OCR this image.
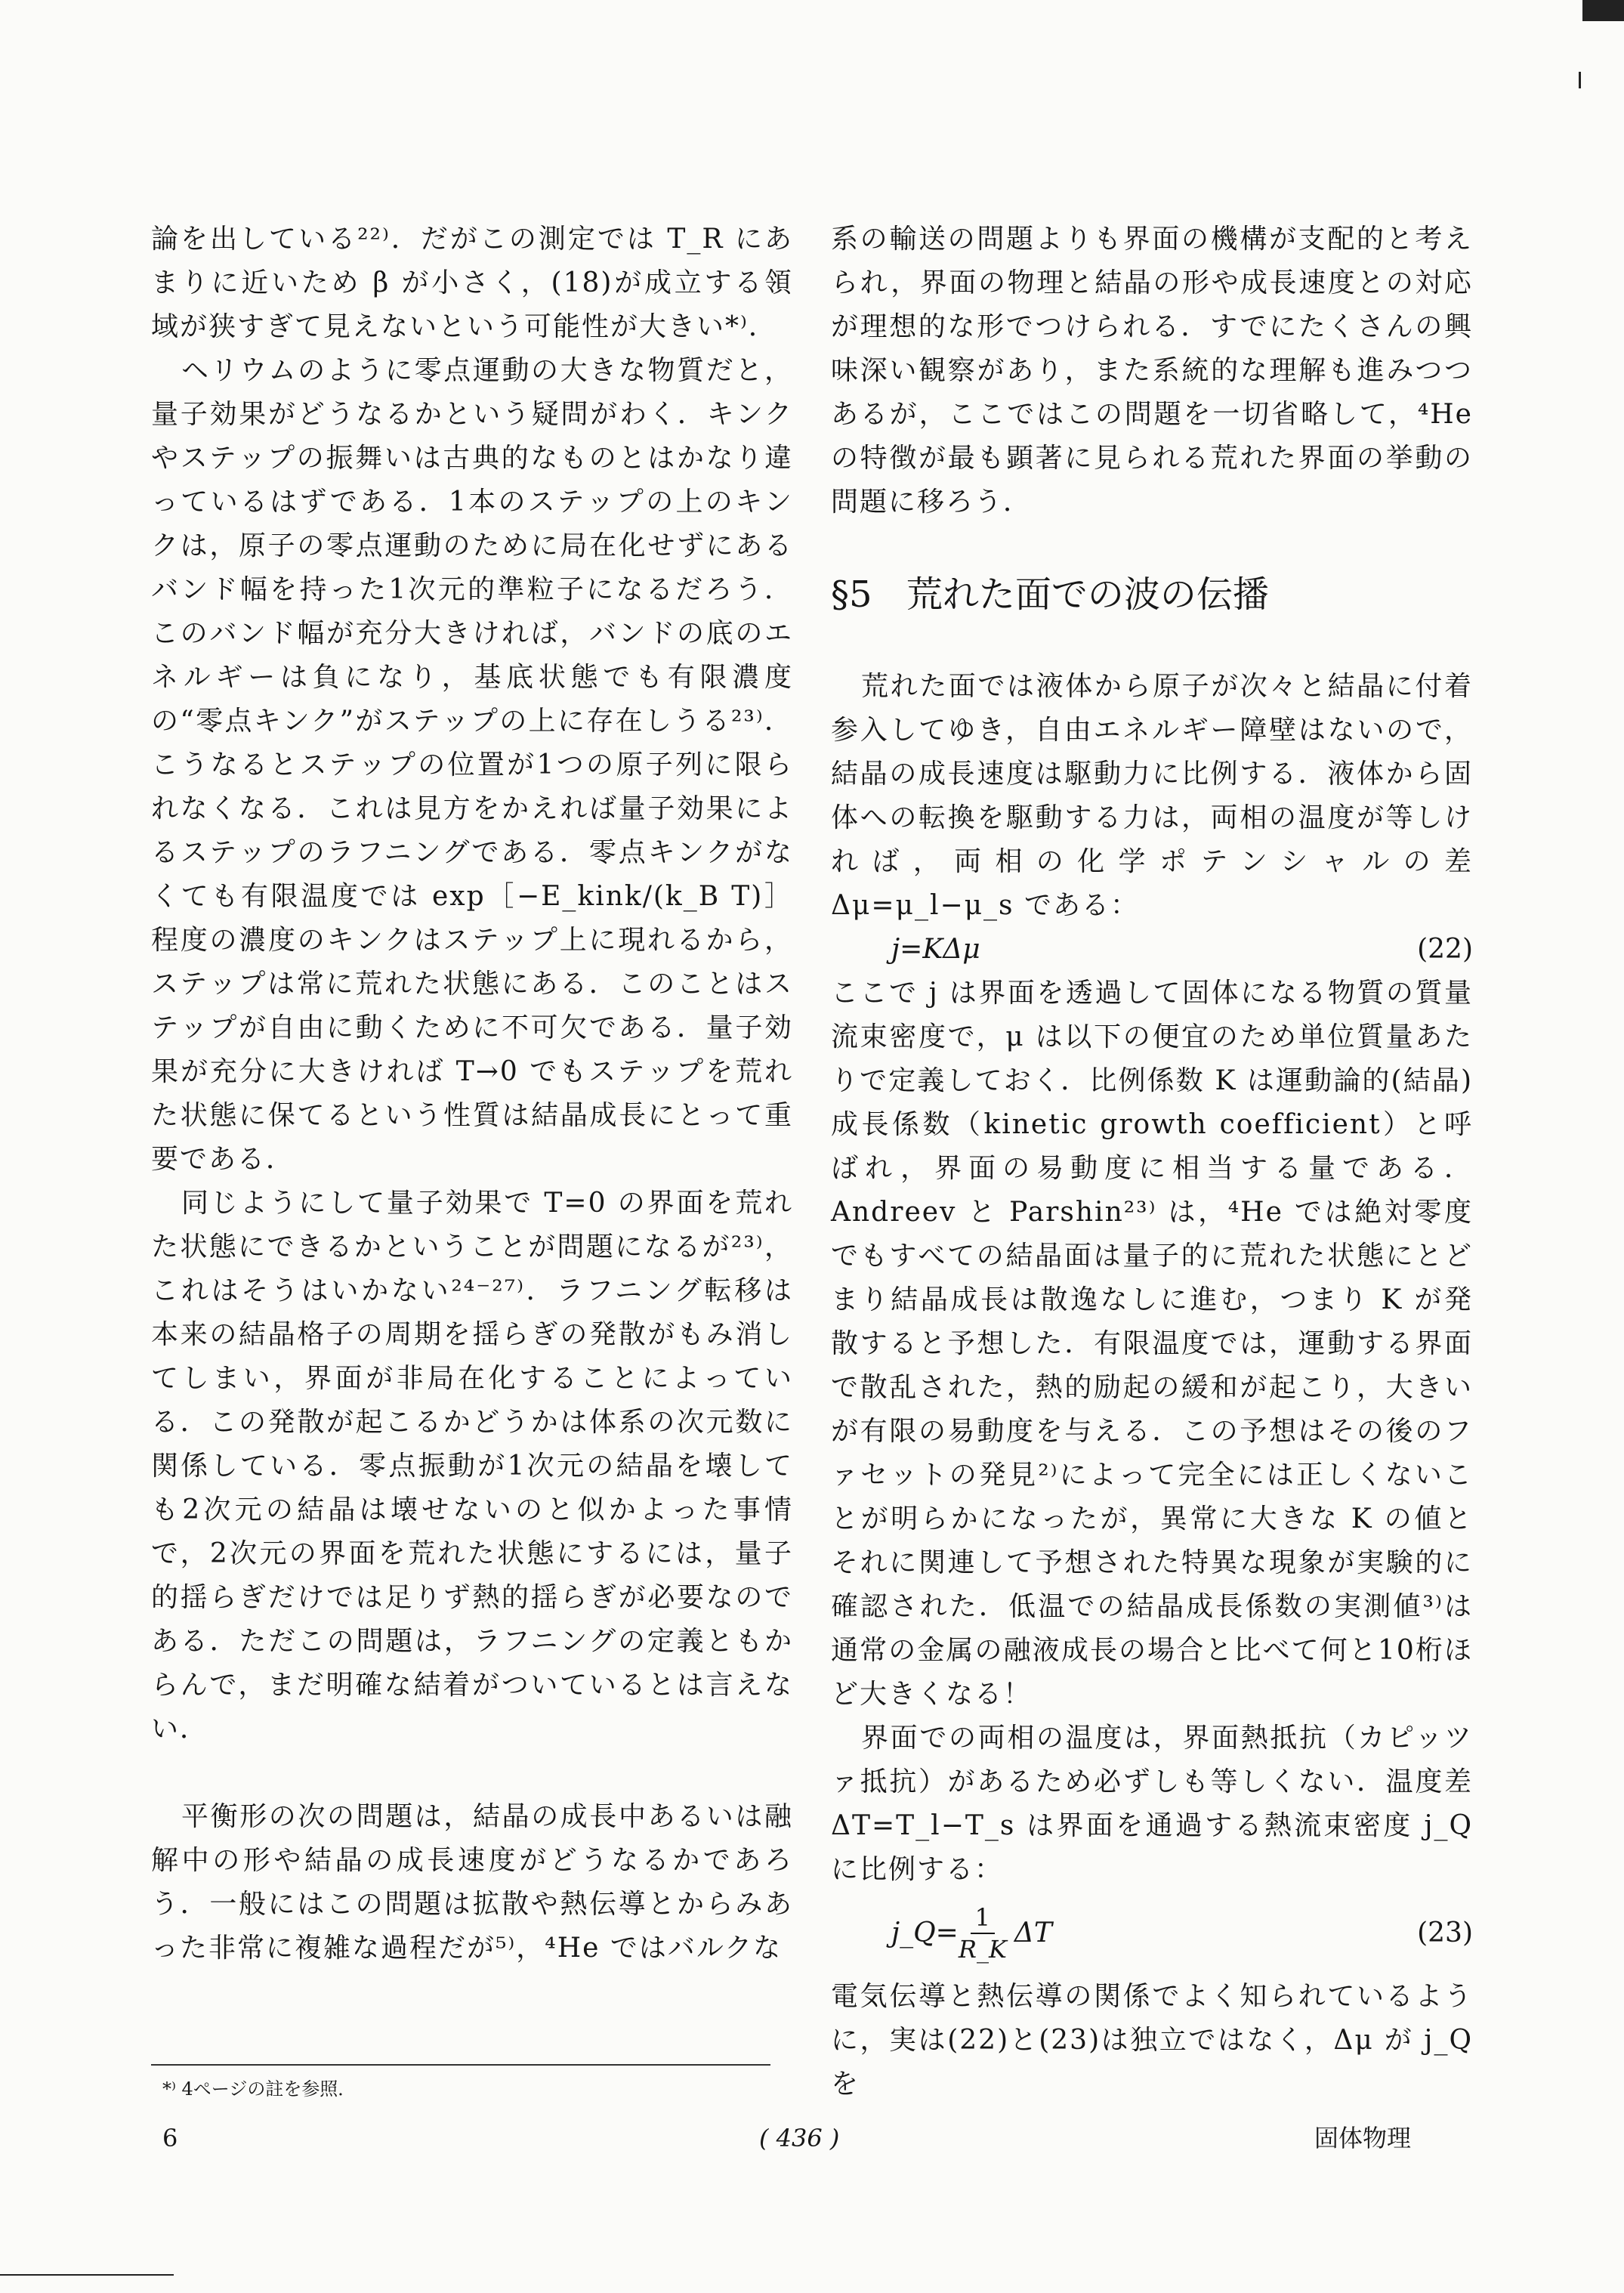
論を出している²²⁾．だがこの測定では T_R にあまりに近いため β が小さく，(18)が成立する領域が狭すぎて見えないという可能性が大きい*⁾．

ヘリウムのように零点運動の大きな物質だと，量子効果がどうなるかという疑問がわく．キンクやステップの振舞いは古典的なものとはかなり違っているはずである．1本のステップの上のキンクは，原子の零点運動のために局在化せずにあるバンド幅を持った1次元的準粒子になるだろう．このバンド幅が充分大きければ，バンドの底のエネルギーは負になり，基底状態でも有限濃度の“零点キンク”がステップの上に存在しうる²³⁾．こうなるとステップの位置が1つの原子列に限られなくなる．これは見方をかえれば量子効果によるステップのラフニングである．零点キンクがなくても有限温度では exp［−E_kink/(k_B T)］程度の濃度のキンクはステップ上に現れるから，ステップは常に荒れた状態にある．このことはステップが自由に動くために不可欠である．量子効果が充分に大きければ T→0 でもステップを荒れた状態に保てるという性質は結晶成長にとって重要である．

同じようにして量子効果で T=0 の界面を荒れた状態にできるかということが問題になるが²³⁾，これはそうはいかない²⁴⁻²⁷⁾．ラフニング転移は本来の結晶格子の周期を揺らぎの発散がもみ消してしまい，界面が非局在化することによっている．この発散が起こるかどうかは体系の次元数に関係している．零点振動が1次元の結晶を壊しても2次元の結晶は壊せないのと似かよった事情で，2次元の界面を荒れた状態にするには，量子的揺らぎだけでは足りず熱的揺らぎが必要なのである．ただこの問題は，ラフニングの定義ともからんで，まだ明確な結着がついているとは言えない．

平衡形の次の問題は，結晶の成長中あるいは融解中の形や結晶の成長速度がどうなるかであろう．一般にはこの問題は拡散や熱伝導とからみあった非常に複雑な過程だが⁵⁾，⁴He ではバルクな

系の輸送の問題よりも界面の機構が支配的と考えられ，界面の物理と結晶の形や成長速度との対応が理想的な形でつけられる．すでにたくさんの興味深い観察があり，また系統的な理解も進みつつあるが，ここではこの問題を一切省略して，⁴He の特徴が最も顕著に見られる荒れた界面の挙動の問題に移ろう．

§5 荒れた面での波の伝播

荒れた面では液体から原子が次々と結晶に付着参入してゆき，自由エネルギー障壁はないので，結晶の成長速度は駆動力に比例する．液体から固体への転換を駆動する力は，両相の温度が等しければ，両相の化学ポテンシャルの差 Δμ=μ_l−μ_s である：

j=KΔμ	(22)

ここで j は界面を透過して固体になる物質の質量流束密度で，μ は以下の便宜のため単位質量あたりで定義しておく．比例係数 K は運動論的(結晶)成長係数（kinetic growth coefficient）と呼ばれ，界面の易動度に相当する量である．Andreev と Parshin²³⁾ は，⁴He では絶対零度でもすべての結晶面は量子的に荒れた状態にとどまり結晶成長は散逸なしに進む，つまり K が発散すると予想した．有限温度では，運動する界面で散乱された，熱的励起の緩和が起こり，大きいが有限の易動度を与える．この予想はその後のファセットの発見²⁾によって完全には正しくないことが明らかになったが，異常に大きな K の値とそれに関連して予想された特異な現象が実験的に確認された．低温での結晶成長係数の実測値³⁾は通常の金属の融液成長の場合と比べて何と10桁ほど大きくなる！

界面での両相の温度は，界面熱抵抗（カピッツァ抵抗）があるため必ずしも等しくない．温度差 ΔT=T_l−T_s は界面を通過する熱流束密度 j_Q に比例する：

j_Q= $\frac{1}{R\_K}$ ΔT	(23)

電気伝導と熱伝導の関係でよく知られているように，実は(22)と(23)は独立ではなく，Δμ が j_Q を

*⁾ 4ページの註を参照．
6	( 436 )	固体物理
